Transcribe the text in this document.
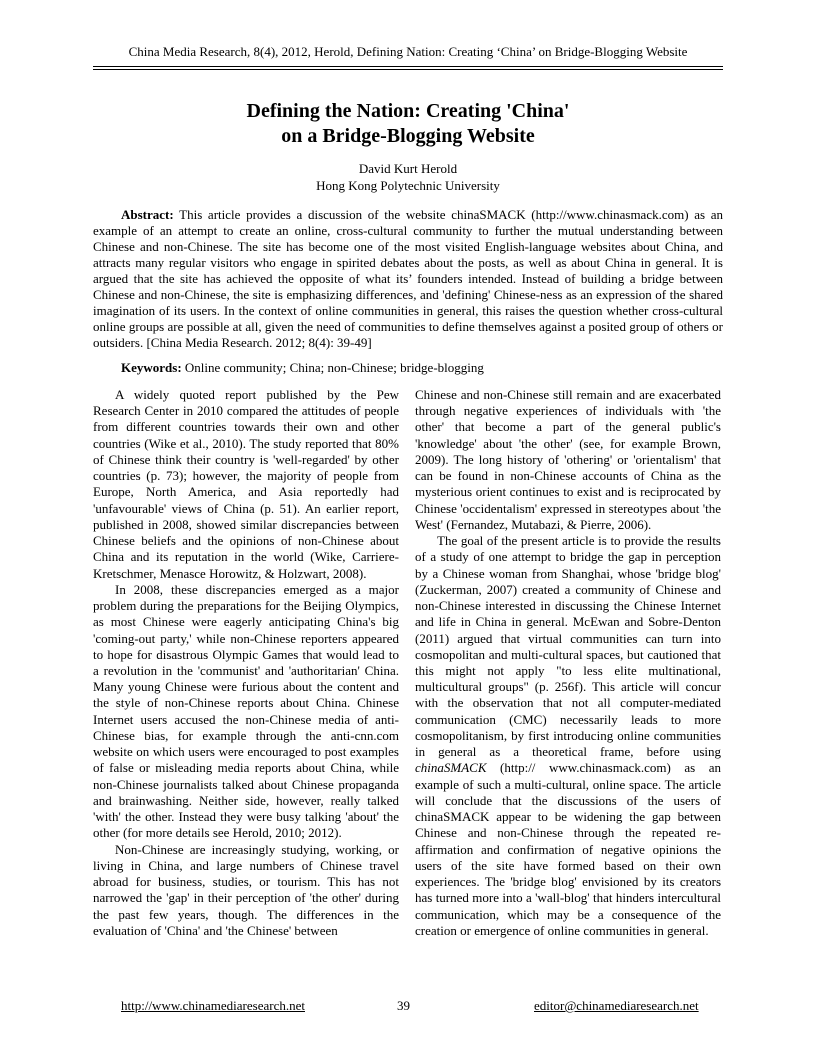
China Media Research, 8(4), 2012, Herold, Defining Nation: Creating ‘China’ on Bridge-Blogging Website
Defining the Nation: Creating 'China'
on a Bridge-Blogging Website
David Kurt Herold
Hong Kong Polytechnic University

Abstract: This article provides a discussion of the website chinaSMACK (http://www.chinasmack.com) as an example of an attempt to create an online, cross-cultural community to further the mutual understanding between Chinese and non-Chinese. The site has become one of the most visited English-language websites about China, and attracts many regular visitors who engage in spirited debates about the posts, as well as about China in general. It is argued that the site has achieved the opposite of what its’ founders intended. Instead of building a bridge between Chinese and non-Chinese, the site is emphasizing differences, and 'defining' Chinese-ness as an expression of the shared imagination of its users. In the context of online communities in general, this raises the question whether cross-cultural online groups are possible at all, given the need of communities to define themselves against a posited group of others or outsiders. [China Media Research. 2012; 8(4): 39-49]

Keywords: Online community; China; non-Chinese; bridge-blogging

A widely quoted report published by the Pew Research Center in 2010 compared the attitudes of people from different countries towards their own and other countries (Wike et al., 2010). The study reported that 80% of Chinese think their country is 'well-regarded' by other countries (p. 73); however, the majority of people from Europe, North America, and Asia reportedly had 'unfavourable' views of China (p. 51). An earlier report, published in 2008, showed similar discrepancies between Chinese beliefs and the opinions of non-Chinese about China and its reputation in the world (Wike, Carriere-Kretschmer, Menasce Horowitz, & Holzwart, 2008).

In 2008, these discrepancies emerged as a major problem during the preparations for the Beijing Olympics, as most Chinese were eagerly anticipating China's big 'coming-out party,' while non-Chinese reporters appeared to hope for disastrous Olympic Games that would lead to a revolution in the 'communist' and 'authoritarian' China. Many young Chinese were furious about the content and the style of non-Chinese reports about China. Chinese Internet users accused the non-Chinese media of anti-Chinese bias, for example through the anti-cnn.com website on which users were encouraged to post examples of false or misleading media reports about China, while non-Chinese journalists talked about Chinese propaganda and brainwashing. Neither side, however, really talked 'with' the other. Instead they were busy talking 'about' the other (for more details see Herold, 2010; 2012).

Non-Chinese are increasingly studying, working, or living in China, and large numbers of Chinese travel abroad for business, studies, or tourism. This has not narrowed the 'gap' in their perception of 'the other' during the past few years, though. The differences in the evaluation of 'China' and 'the Chinese' between

Chinese and non-Chinese still remain and are exacerbated through negative experiences of individuals with 'the other' that become a part of the general public's 'knowledge' about 'the other' (see, for example Brown, 2009). The long history of 'othering' or 'orientalism' that can be found in non-Chinese accounts of China as the mysterious orient continues to exist and is reciprocated by Chinese 'occidentalism' expressed in stereotypes about 'the West' (Fernandez, Mutabazi, & Pierre, 2006).

The goal of the present article is to provide the results of a study of one attempt to bridge the gap in perception by a Chinese woman from Shanghai, whose 'bridge blog' (Zuckerman, 2007) created a community of Chinese and non-Chinese interested in discussing the Chinese Internet and life in China in general. McEwan and Sobre-Denton (2011) argued that virtual communities can turn into cosmopolitan and multi-cultural spaces, but cautioned that this might not apply "to less elite multinational, multicultural groups" (p. 256f). This article will concur with the observation that not all computer-mediated communication (CMC) necessarily leads to more cosmopolitanism, by first introducing online communities in general as a theoretical frame, before using chinaSMACK (http:// www.chinasmack.com) as an example of such a multi-cultural, online space. The article will conclude that the discussions of the users of chinaSMACK appear to be widening the gap between Chinese and non-Chinese through the repeated re-affirmation and confirmation of negative opinions the users of the site have formed based on their own experiences. The 'bridge blog' envisioned by its creators has turned more into a 'wall-blog' that hinders intercultural communication, which may be a consequence of the creation or emergence of online communities in general.

http://www.chinamediaresearch.net	39	editor@chinamediaresearch.net
